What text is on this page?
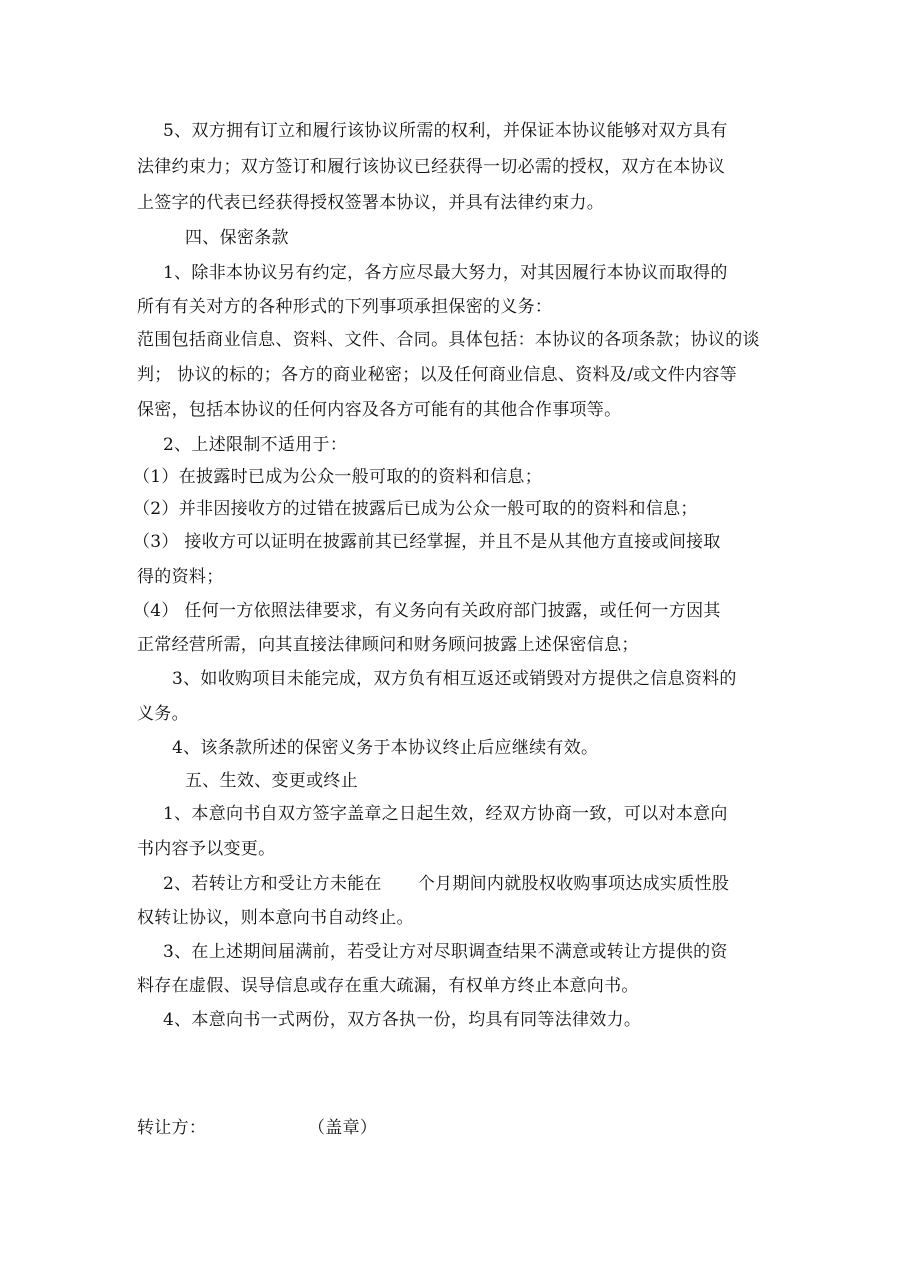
5、双方拥有订立和履行该协议所需的权利，并保证本协议能够对双方具有
法律约束力；双方签订和履行该协议已经获得一切必需的授权，双方在本协议
上签字的代表已经获得授权签署本协议，并具有法律约束力。
四、保密条款
1、除非本协议另有约定，各方应尽最大努力，对其因履行本协议而取得的
所有有关对方的各种形式的下列事项承担保密的义务：
范围包括商业信息、资料、文件、合同。具体包括：本协议的各项条款；协议的谈
判； 协议的标的；各方的商业秘密；以及任何商业信息、资料及/或文件内容等
保密，包括本协议的任何内容及各方可能有的其他合作事项等。
2、上述限制不适用于：
（1）在披露时已成为公众一般可取的的资料和信息；
（2）并非因接收方的过错在披露后已成为公众一般可取的的资料和信息；
（3） 接收方可以证明在披露前其已经掌握，并且不是从其他方直接或间接取
得的资料；
（4） 任何一方依照法律要求，有义务向有关政府部门披露，或任何一方因其
正常经营所需，向其直接法律顾问和财务顾问披露上述保密信息；
3、如收购项目未能完成，双方负有相互返还或销毁对方提供之信息资料的
义务。
4、该条款所述的保密义务于本协议终止后应继续有效。
五、生效、变更或终止
1、本意向书自双方签字盖章之日起生效，经双方协商一致，可以对本意向
书内容予以变更。
2、若转让方和受让方未能在 个月期间内就股权收购事项达成实质性股
权转让协议，则本意向书自动终止。
3、在上述期间届满前，若受让方对尽职调查结果不满意或转让方提供的资
料存在虚假、误导信息或存在重大疏漏，有权单方终止本意向书。
4、本意向书一式两份，双方各执一份，均具有同等法律效力。
转让方：	（盖章）
